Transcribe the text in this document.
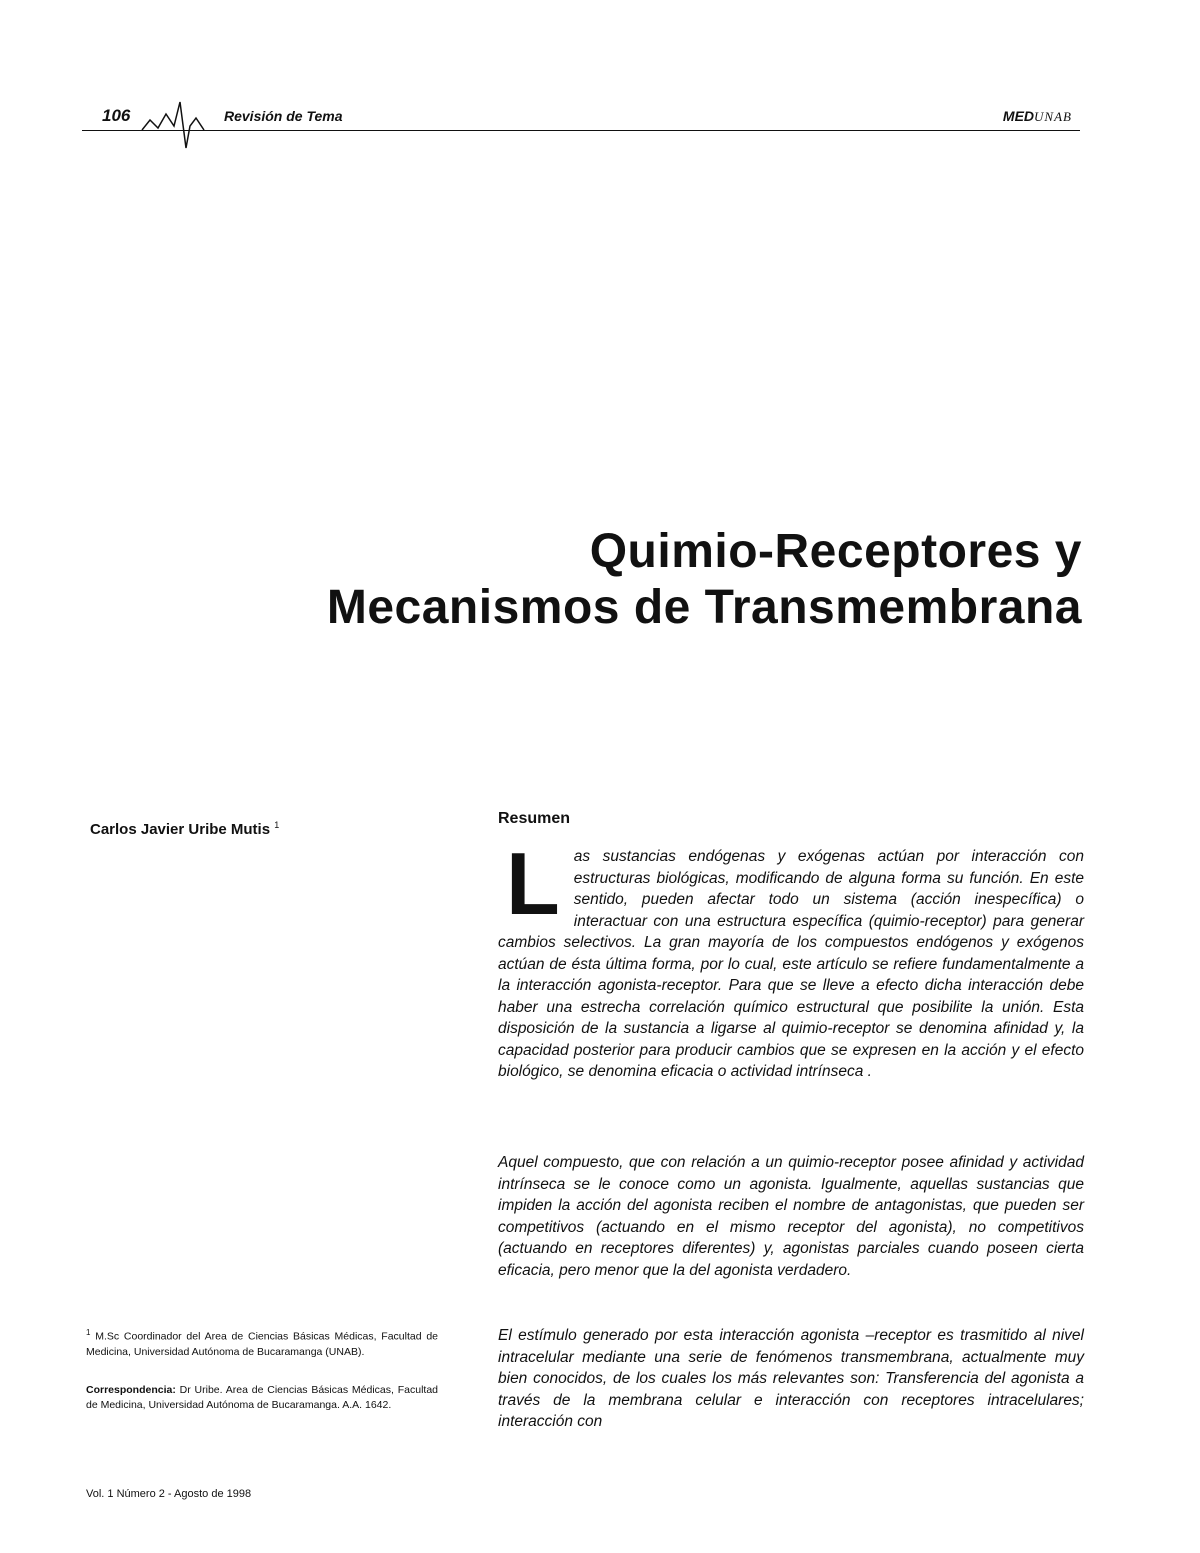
106	Revisión de Tema	MEDUNAB
Quimio-Receptores y
Mecanismos de Transmembrana
Carlos Javier Uribe Mutis $^1$	Resumen

L as sustancias endógenas y exógenas actúan por interacción con estructuras biológicas, modificando de alguna forma su función. En este sentido, pueden afectar todo un sistema (acción inespecífica) o interactuar con una estructura específica (quimio-receptor) para generar cambios selectivos. La gran mayoría de los compuestos endógenos y exógenos actúan de ésta última forma, por lo cual, este artículo se refiere fundamentalmente a la interacción agonista-receptor. Para que se lleve a efecto dicha interacción debe haber una estrecha correlación químico estructural que posibilite la unión. Esta disposición de la sustancia a ligarse al quimio-receptor se denomina afinidad y, la capacidad posterior para producir cambios que se expresen en la acción y el efecto biológico, se denomina eficacia o actividad intrínseca .

Aquel compuesto, que con relación a un quimio-receptor posee afinidad y actividad intrínseca se le conoce como un agonista. Igualmente, aquellas sustancias que impiden la acción del agonista reciben el nombre de antagonistas, que pueden ser competitivos (actuando en el mismo receptor del agonista), no competitivos (actuando en receptores diferentes) y, agonistas parciales cuando poseen cierta eficacia, pero menor que la del agonista verdadero.

El estímulo generado por esta interacción agonista –receptor es trasmitido al nivel intracelular mediante una serie de fenómenos transmembrana, actualmente muy bien conocidos, de los cuales los más relevantes son: Transferencia del agonista a través de la membrana celular e interacción con receptores intracelulares; interacción con

$^1$ M.Sc Coordinador del Area de Ciencias Básicas Médicas, Facultad de Medicina, Universidad Autónoma de Bucaramanga (UNAB).
Correspondencia: Dr Uribe. Area de Ciencias Básicas Médicas, Facultad de Medicina, Universidad Autónoma de Bucaramanga. A.A. 1642.
Vol. 1 Número 2 - Agosto de 1998
